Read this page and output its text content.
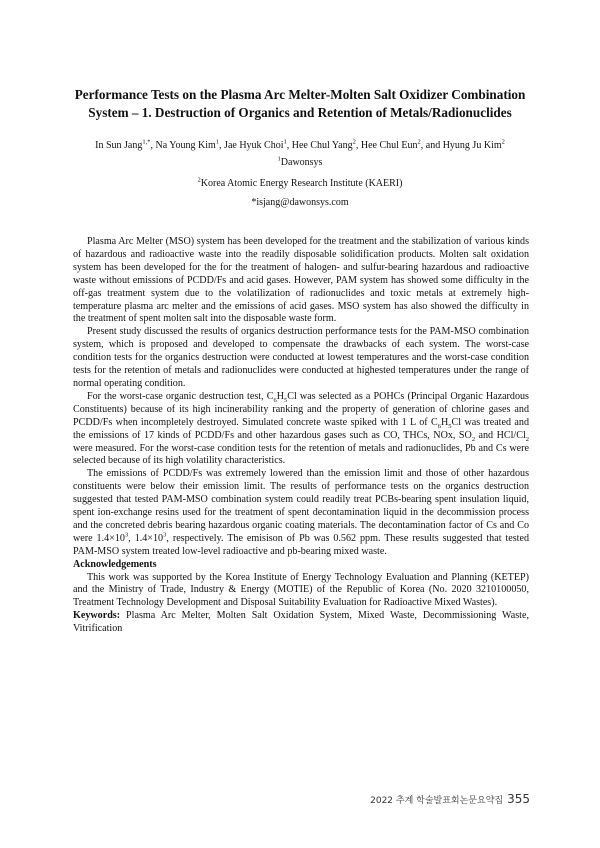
Performance Tests on the Plasma Arc Melter-Molten Salt Oxidizer Combination
System – 1. Destruction of Organics and Retention of Metals/Radionuclides
In Sun Jang$^{1,*}$, Na Young Kim$^1$, Jae Hyuk Choi$^1$, Hee Chul Yang$^2$, Hee Chul Eun$^2$, and Hyung Ju Kim$^2$
$^1$Dawonsys
$^2$Korea Atomic Energy Research Institute (KAERI)
*isjang@dawonsys.com

Plasma Arc Melter (MSO) system has been developed for the treatment and the stabilization of various kinds of hazardous and radioactive waste into the readily disposable solidification products. Molten salt oxidation system has been developed for the for the treatment of halogen- and sulfur-bearing hazardous and radioactive waste without emissions of PCDD/Fs and acid gases. However, PAM system has showed some difficulty in the off-gas treatment system due to the volatilization of radionuclides and toxic metals at extremely high-temperature plasma arc melter and the emissions of acid gases. MSO system has also showed the difficulty in the treatment of spent molten salt into the disposable waste form.

Present study discussed the results of organics destruction performance tests for the PAM-MSO combination system, which is proposed and developed to compensate the drawbacks of each system. The worst-case condition tests for the organics destruction were conducted at lowest temperatures and the worst-case condition tests for the retention of metals and radionuclides were conducted at highested temperatures under the range of normal operating condition.

For the worst-case organic destruction test, $C_6H_5Cl$ was selected as a POHCs (Principal Organic Hazardous Constituents) because of its high incinerability ranking and the property of generation of chlorine gases and PCDD/Fs when incompletely destroyed. Simulated concrete waste spiked with 1 L of $C_6H_5Cl$ was treated and the emissions of 17 kinds of PCDD/Fs and other hazardous gases such as CO, THCs, NOx, $SO_2$ and HCl/$Cl_2$ were measured. For the worst-case condition tests for the retention of metals and radionuclides, Pb and Cs were selected because of its high volatility characteristics.

The emissions of PCDD/Fs was extremely lowered than the emission limit and those of other hazardous constituents were below their emission limit. The results of performance tests on the organics destruction suggested that tested PAM-MSO combination system could readily treat PCBs-bearing spent insulation liquid, spent ion-exchange resins used for the treatment of spent decontamination liquid in the decommission process and the concreted debris bearing hazardous organic coating materials. The decontamination factor of Cs and Co were $1.4\times 10^3$, $1.4\times 10^3$, respectively. The emisison of Pb was 0.562 ppm. These results suggested that tested PAM-MSO system treated low-level radioactive and pb-bearing mixed waste.

Acknowledgements

This work was supported by the Korea Institute of Energy Technology Evaluation and Planning (KETEP) and the Ministry of Trade, Industry & Energy (MOTIE) of the Republic of Korea (No. 2020 3210100050, Treatment Technology Development and Disposal Suitability Evaluation for Radioactive Mixed Wastes).

Keywords: Plasma Arc Melter, Molten Salt Oxidation System, Mixed Waste, Decommissioning Waste, Vitrification

2022 추계 학술발표회논문요약집 355
